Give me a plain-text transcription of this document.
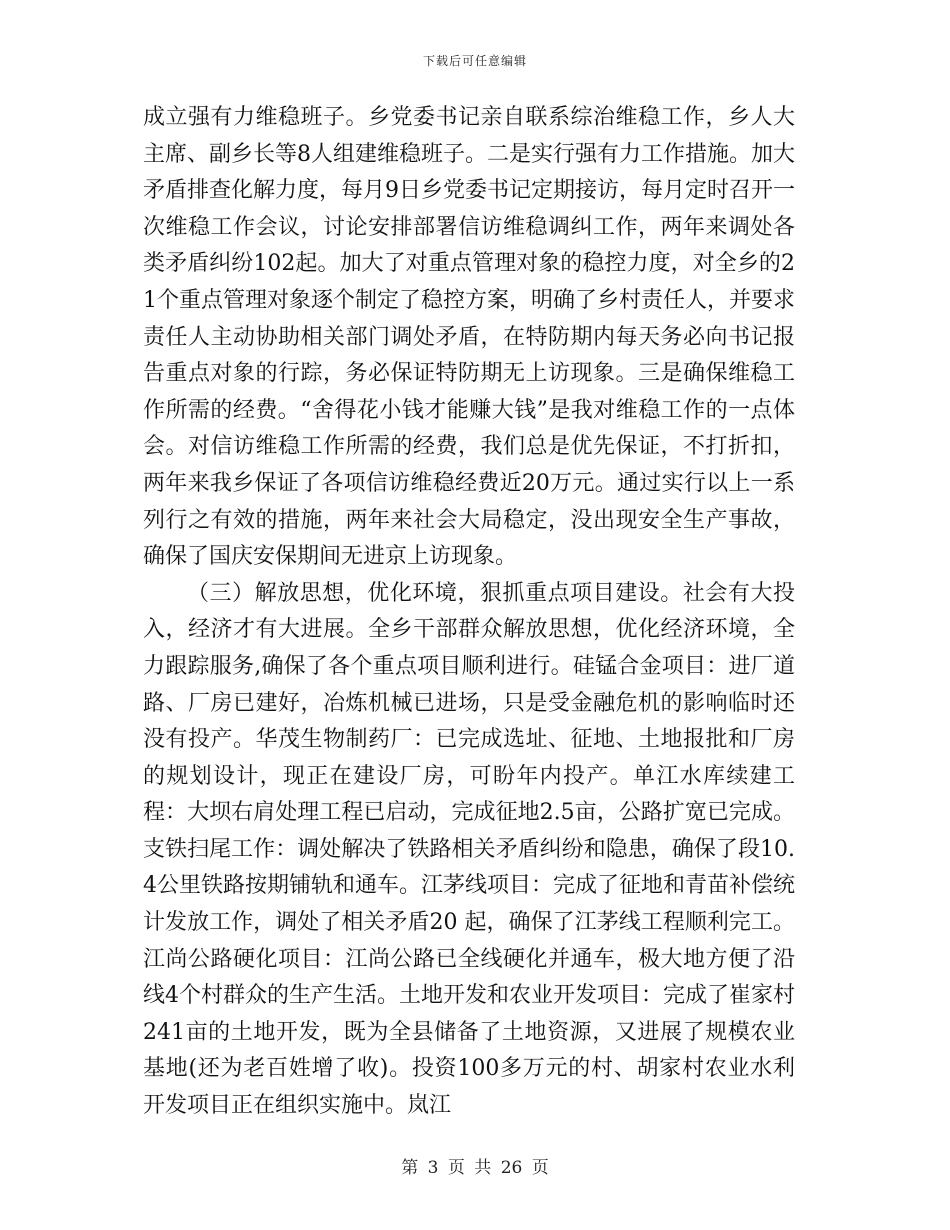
下载后可任意编辑

成立强有力维稳班子。乡党委书记亲自联系综治维稳工作，乡人大主席、副乡长等8人组建维稳班子。二是实行强有力工作措施。加大矛盾排查化解力度，每月9日乡党委书记定期接访，每月定时召开一次维稳工作会议，讨论安排部署信访维稳调纠工作，两年来调处各类矛盾纠纷102起。加大了对重点管理对象的稳控力度，对全乡的21个重点管理对象逐个制定了稳控方案，明确了乡村责任人，并要求责任人主动协助相关部门调处矛盾，在特防期内每天务必向书记报告重点对象的行踪，务必保证特防期无上访现象。三是确保维稳工作所需的经费。“舍得花小钱才能赚大钱”是我对维稳工作的一点体会。对信访维稳工作所需的经费，我们总是优先保证，不打折扣，两年来我乡保证了各项信访维稳经费近20万元。通过实行以上一系列行之有效的措施，两年来社会大局稳定，没出现安全生产事故，确保了国庆安保期间无进京上访现象。

（三）解放思想，优化环境，狠抓重点项目建设。社会有大投入，经济才有大进展。全乡干部群众解放思想，优化经济环境，全力跟踪服务,确保了各个重点项目顺利进行。硅锰合金项目：进厂道路、厂房已建好，冶炼机械已进场，只是受金融危机的影响临时还没有投产。华茂生物制药厂：已完成选址、征地、土地报批和厂房的规划设计，现正在建设厂房，可盼年内投产。单江水库续建工程：大坝右肩处理工程已启动，完成征地2.5亩，公路扩宽已完成。支铁扫尾工作：调处解决了铁路相关矛盾纠纷和隐患，确保了段10.4公里铁路按期铺轨和通车。江茅线项目：完成了征地和青苗补偿统计发放工作，调处了相关矛盾20 起，确保了江茅线工程顺利完工。江尚公路硬化项目：江尚公路已全线硬化并通车，极大地方便了沿线4个村群众的生产生活。土地开发和农业开发项目：完成了崔家村241亩的土地开发，既为全县储备了土地资源，又进展了规模农业基地(还为老百姓增了收)。投资100多万元的村、胡家村农业水利开发项目正在组织实施中。岚江

第 3 页 共 26 页
